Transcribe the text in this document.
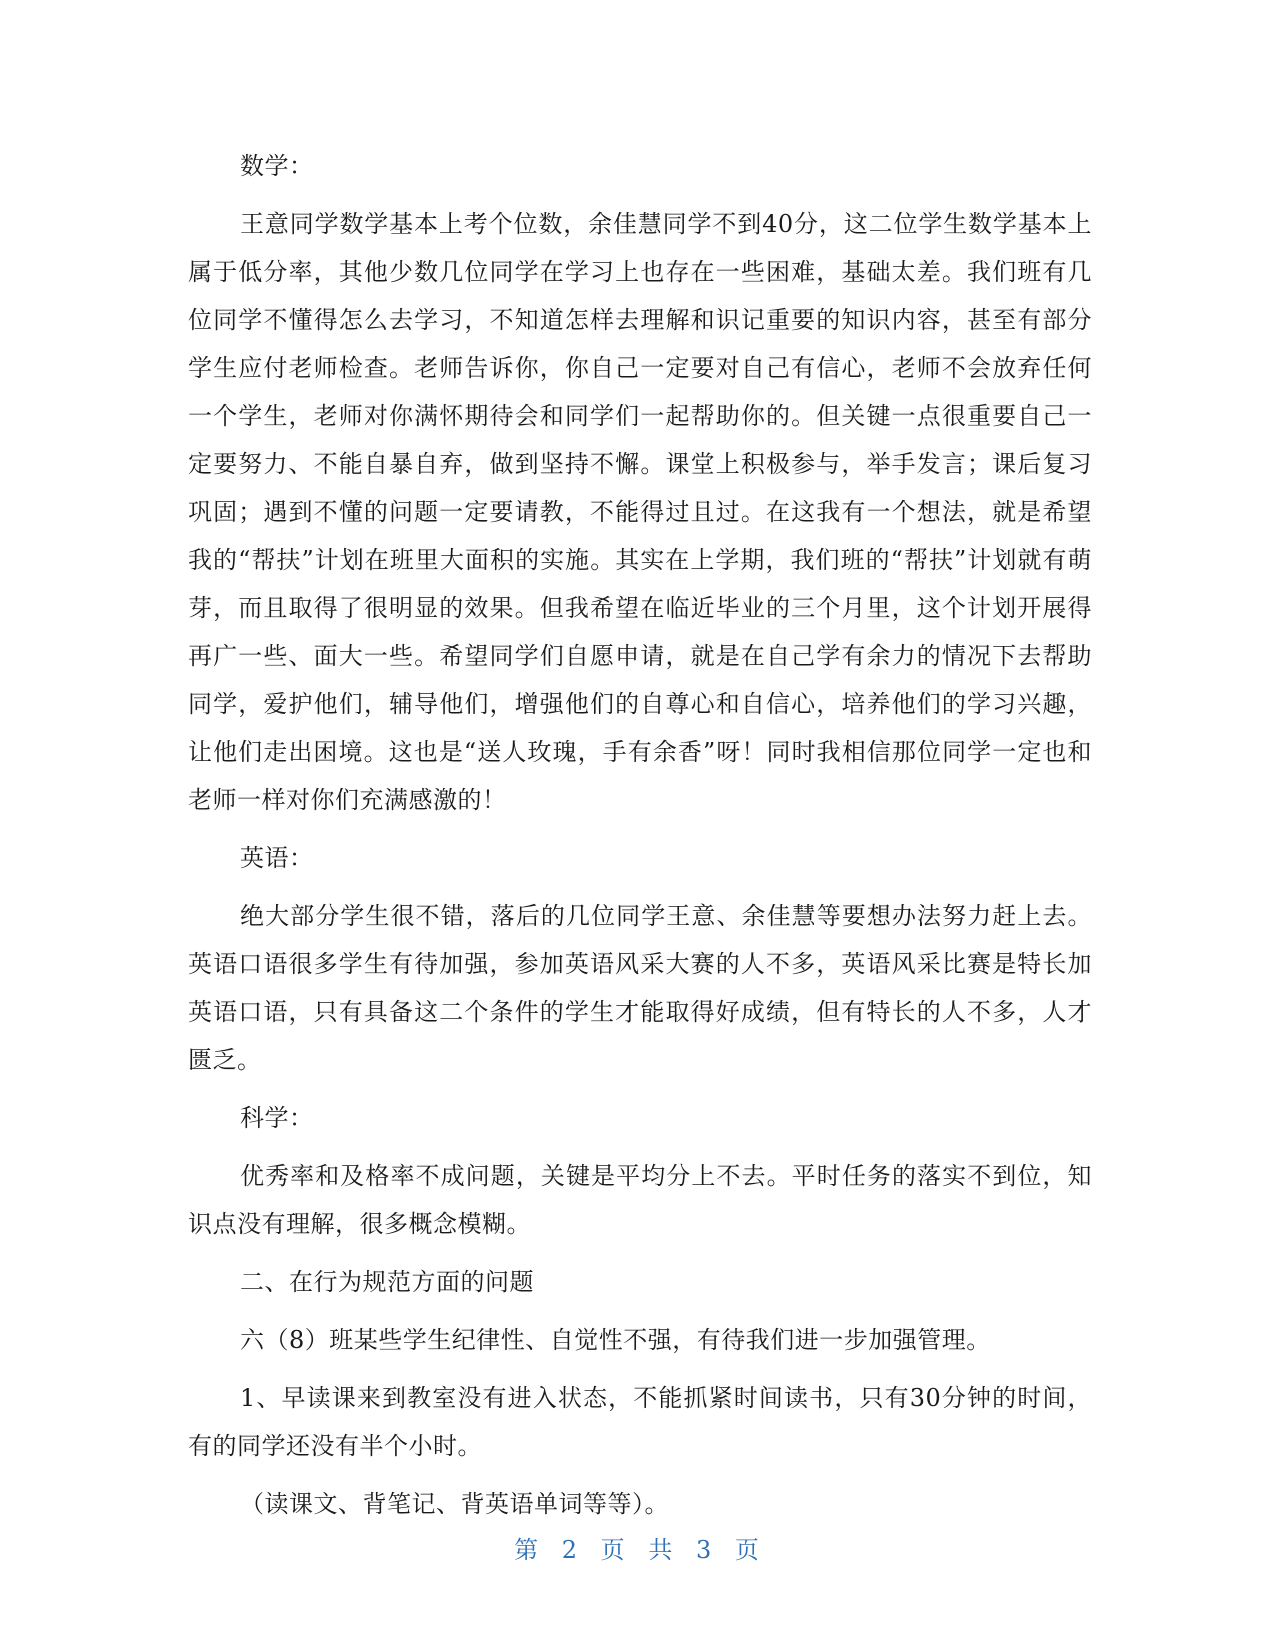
数学：

王意同学数学基本上考个位数，余佳慧同学不到40分，这二位学生数学基本上属于低分率，其他少数几位同学在学习上也存在一些困难，基础太差。我们班有几位同学不懂得怎么去学习，不知道怎样去理解和识记重要的知识内容，甚至有部分学生应付老师检查。老师告诉你，你自己一定要对自己有信心，老师不会放弃任何一个学生，老师对你满怀期待会和同学们一起帮助你的。但关键一点很重要自己一定要努力、不能自暴自弃，做到坚持不懈。课堂上积极参与，举手发言；课后复习巩固；遇到不懂的问题一定要请教，不能得过且过。在这我有一个想法，就是希望我的“帮扶”计划在班里大面积的实施。其实在上学期，我们班的“帮扶”计划就有萌芽，而且取得了很明显的效果。但我希望在临近毕业的三个月里，这个计划开展得再广一些、面大一些。希望同学们自愿申请，就是在自己学有余力的情况下去帮助同学，爱护他们，辅导他们，增强他们的自尊心和自信心，培养他们的学习兴趣，让他们走出困境。这也是“送人玫瑰，手有余香”呀！同时我相信那位同学一定也和老师一样对你们充满感激的！

英语：

绝大部分学生很不错，落后的几位同学王意、余佳慧等要想办法努力赶上去。英语口语很多学生有待加强，参加英语风采大赛的人不多，英语风采比赛是特长加英语口语，只有具备这二个条件的学生才能取得好成绩，但有特长的人不多，人才匮乏。

科学：

优秀率和及格率不成问题，关键是平均分上不去。平时任务的落实不到位，知识点没有理解，很多概念模糊。

二、在行为规范方面的问题

六（8）班某些学生纪律性、自觉性不强，有待我们进一步加强管理。

1、早读课来到教室没有进入状态，不能抓紧时间读书，只有30分钟的时间，有的同学还没有半个小时。

（读课文、背笔记、背英语单词等等）。

第 2 页 共 3 页
